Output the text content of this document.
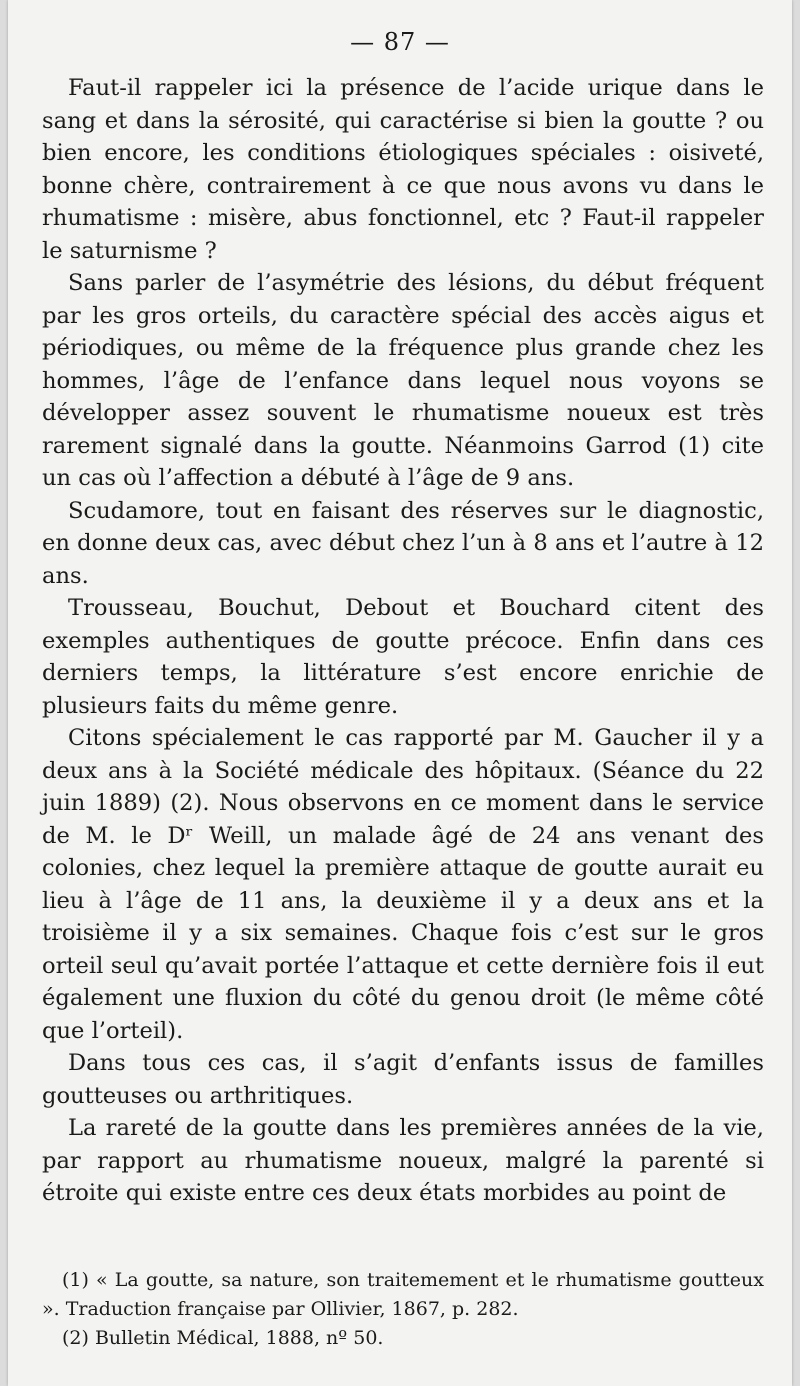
— 87 —

Faut-il rappeler ici la présence de l’acide urique dans le sang et dans la sérosité, qui caractérise si bien la goutte ? ou bien encore, les conditions étiologiques spéciales : oisiveté, bonne chère, contrairement à ce que nous avons vu dans le rhumatisme : misère, abus fonctionnel, etc ? Faut-il rappeler le saturnisme ?

Sans parler de l’asymétrie des lésions, du début fréquent par les gros orteils, du caractère spécial des accès aigus et périodiques, ou même de la fréquence plus grande chez les hommes, l’âge de l’enfance dans lequel nous voyons se développer assez souvent le rhumatisme noueux est très rarement signalé dans la goutte. Néanmoins Garrod (1) cite un cas où l’affection a débuté à l’âge de 9 ans.

Scudamore, tout en faisant des réserves sur le diagnostic, en donne deux cas, avec début chez l’un à 8 ans et l’autre à 12 ans.

Trousseau, Bouchut, Debout et Bouchard citent des exemples authentiques de goutte précoce. Enfin dans ces derniers temps, la littérature s’est encore enrichie de plusieurs faits du même genre.

Citons spécialement le cas rapporté par M. Gaucher il y a deux ans à la Société médicale des hôpitaux. (Séance du 22 juin 1889) (2). Nous observons en ce moment dans le service de M. le Dʳ Weill, un malade âgé de 24 ans venant des colonies, chez lequel la première attaque de goutte aurait eu lieu à l’âge de 11 ans, la deuxième il y a deux ans et la troisième il y a six semaines. Chaque fois c’est sur le gros orteil seul qu’avait portée l’attaque et cette dernière fois il eut également une fluxion du côté du genou droit (le même côté que l’orteil).

Dans tous ces cas, il s’agit d’enfants issus de familles goutteuses ou arthritiques.

La rareté de la goutte dans les premières années de la vie, par rapport au rhumatisme noueux, malgré la parenté si étroite qui existe entre ces deux états morbides au point de

(1) « La goutte, sa nature, son traitemement et le rhumatisme goutteux ». Traduction française par Ollivier, 1867, p. 282.

(2) Bulletin Médical, 1888, nº 50.
